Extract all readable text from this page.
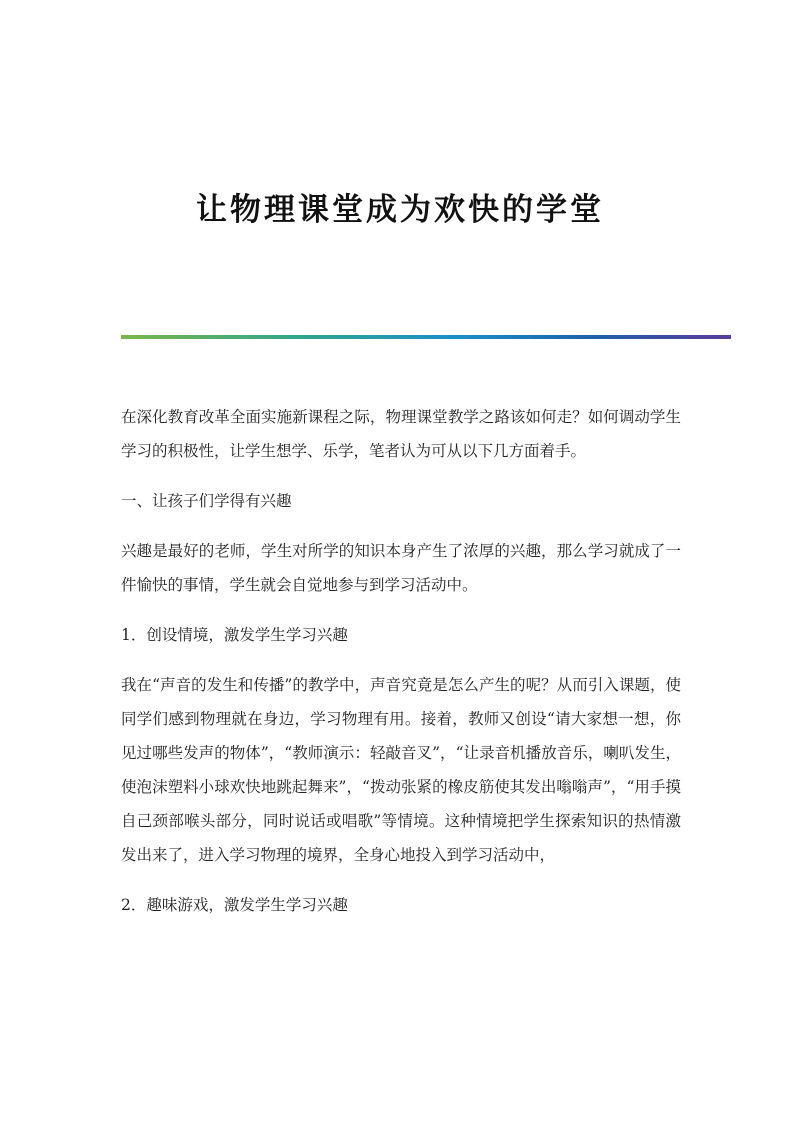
让物理课堂成为欢快的学堂

在深化教育改革全面实施新课程之际，物理课堂教学之路该如何走？如何调动学生学习的积极性，让学生想学、乐学，笔者认为可从以下几方面着手。

一、让孩子们学得有兴趣

兴趣是最好的老师，学生对所学的知识本身产生了浓厚的兴趣，那么学习就成了一件愉快的事情，学生就会自觉地参与到学习活动中。

1．创设情境，激发学生学习兴趣

我在“声音的发生和传播”的教学中，声音究竟是怎么产生的呢？从而引入课题，使同学们感到物理就在身边，学习物理有用。接着，教师又创设“请大家想一想，你见过哪些发声的物体”，“教师演示：轻敲音叉”，“让录音机播放音乐，喇叭发生，使泡沫塑料小球欢快地跳起舞来”，“拨动张紧的橡皮筋使其发出嗡嗡声”，“用手摸自己颈部喉头部分，同时说话或唱歌”等情境。这种情境把学生探索知识的热情激发出来了，进入学习物理的境界，全身心地投入到学习活动中，

2．趣味游戏，激发学生学习兴趣
